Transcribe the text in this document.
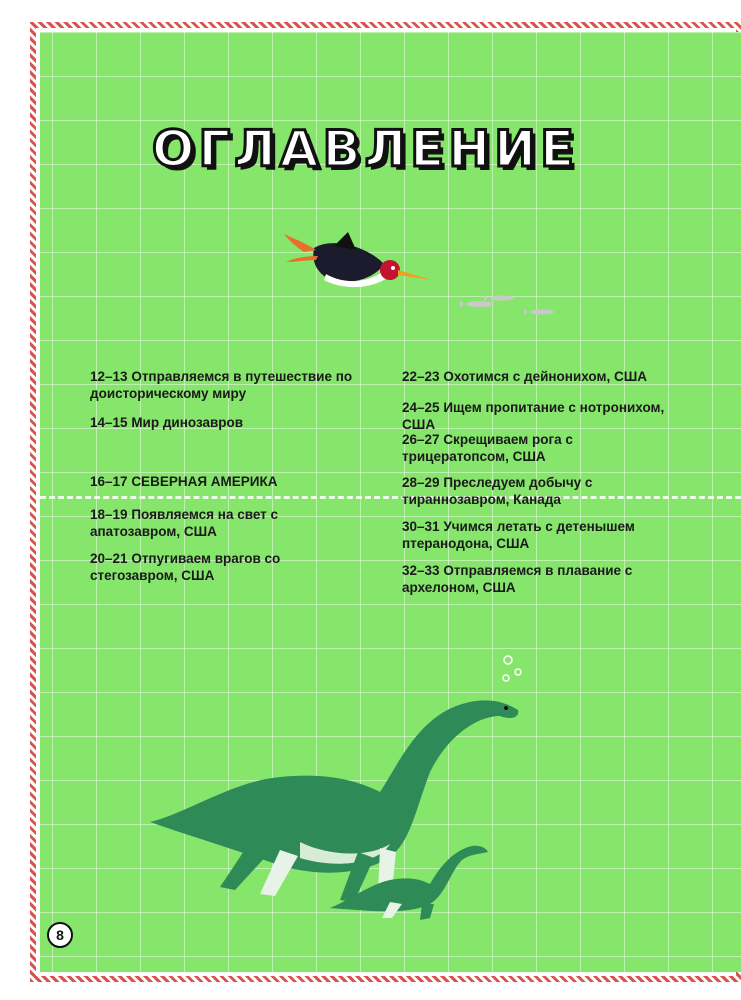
ОГЛАВЛЕНИЕ

12–13 Отправляемся в путешествие по доисторическому миру

14–15 Мир динозавров

16–17 СЕВЕРНАЯ АМЕРИКА

18–19 Появляемся на свет с апатозавром, США

20–21 Отпугиваем врагов со стегозавром, США

22–23 Охотимся с дейнонихом, США

24–25 Ищем пропитание с нотронихом, США

26–27 Скрещиваем рога с трицератопсом, США

28–29 Преследуем добычу с тираннозавром, Канада

30–31 Учимся летать с детенышем птеранодона, США

32–33 Отправляемся в плавание с архелоном, США

8
